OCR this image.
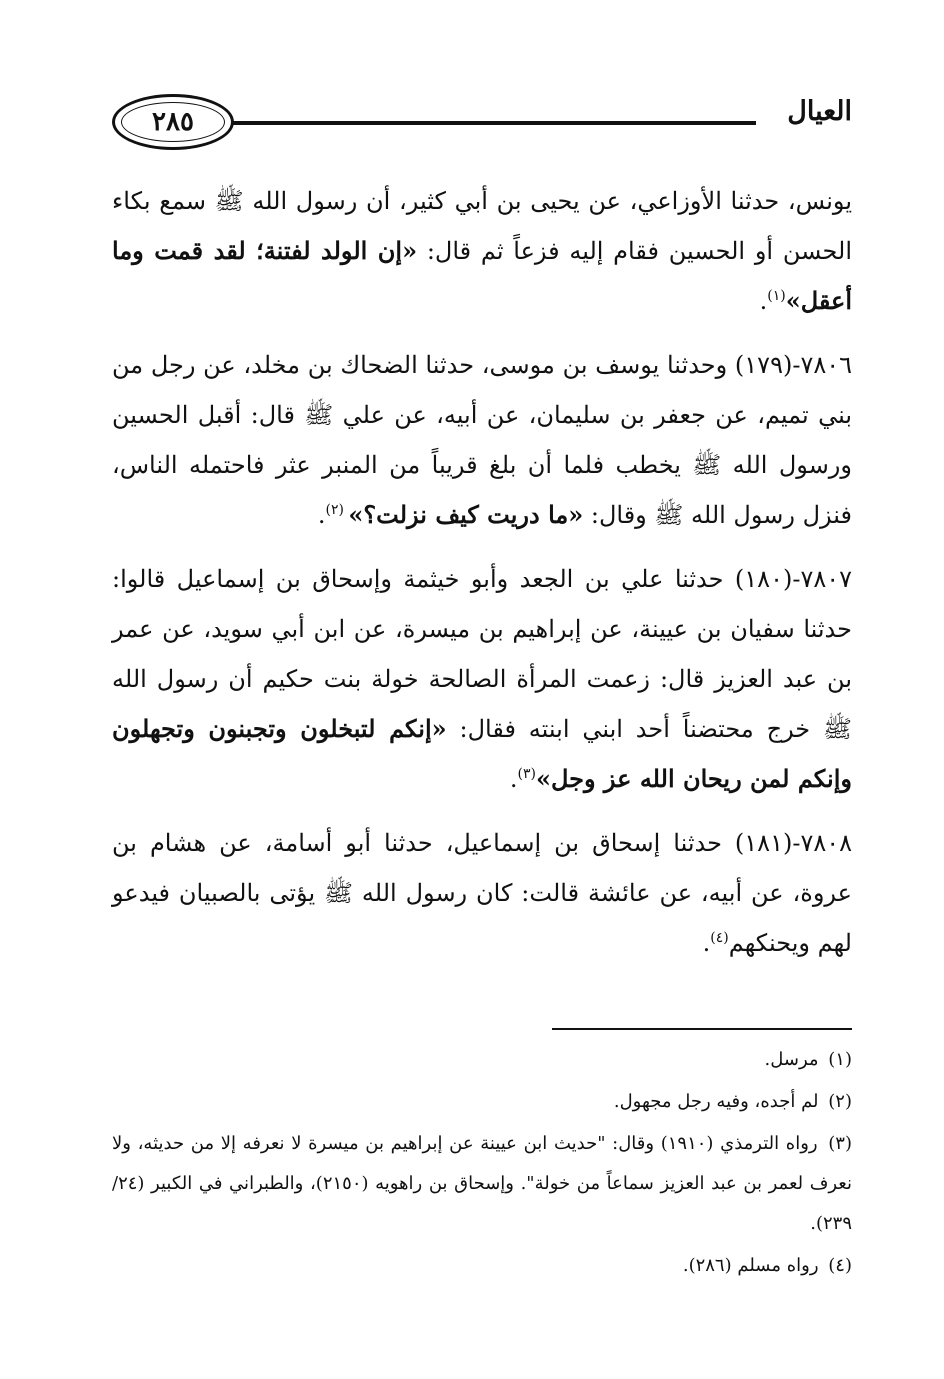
العيال
٢٨٥

يونس، حدثنا الأوزاعي، عن يحيى بن أبي كثير، أن رسول الله ﷺ سمع بكاء الحسن أو الحسين فقام إليه فزعاً ثم قال: «إن الولد لفتنة؛ لقد قمت وما أعقل»$^{(١)}$.

٧٨٠٦-(١٧٩) وحدثنا يوسف بن موسى، حدثنا الضحاك بن مخلد، عن رجل من بني تميم، عن جعفر بن سليمان، عن أبيه، عن علي ﷺ قال: أقبل الحسين ورسول الله ﷺ يخطب فلما أن بلغ قريباً من المنبر عثر فاحتمله الناس، فنزل رسول الله ﷺ وقال: «ما دريت كيف نزلت؟» $^{(٢)}$.

٧٨٠٧-(١٨٠) حدثنا علي بن الجعد وأبو خيثمة وإسحاق بن إسماعيل قالوا: حدثنا سفيان بن عيينة، عن إبراهيم بن ميسرة، عن ابن أبي سويد، عن عمر بن عبد العزيز قال: زعمت المرأة الصالحة خولة بنت حكيم أن رسول الله ﷺ خرج محتضناً أحد ابني ابنته فقال: «إنكم لتبخلون وتجبنون وتجهلون وإنكم لمن ريحان الله عز وجل»$^{(٣)}$.

٧٨٠٨-(١٨١) حدثنا إسحاق بن إسماعيل، حدثنا أبو أسامة، عن هشام بن عروة، عن أبيه، عن عائشة قالت: كان رسول الله ﷺ يؤتى بالصبيان فيدعو لهم ويحنكهم$^{(٤)}$.

(١) مرسل.

(٢) لم أجده، وفيه رجل مجهول.

(٣) رواه الترمذي (١٩١٠) وقال: "حديث ابن عيينة عن إبراهيم بن ميسرة لا نعرفه إلا من حديثه، ولا نعرف لعمر بن عبد العزيز سماعاً من خولة". وإسحاق بن راهويه (٢١٥٠)، والطبراني في الكبير (٢٤/ ٢٣٩).

(٤) رواه مسلم (٢٨٦).
